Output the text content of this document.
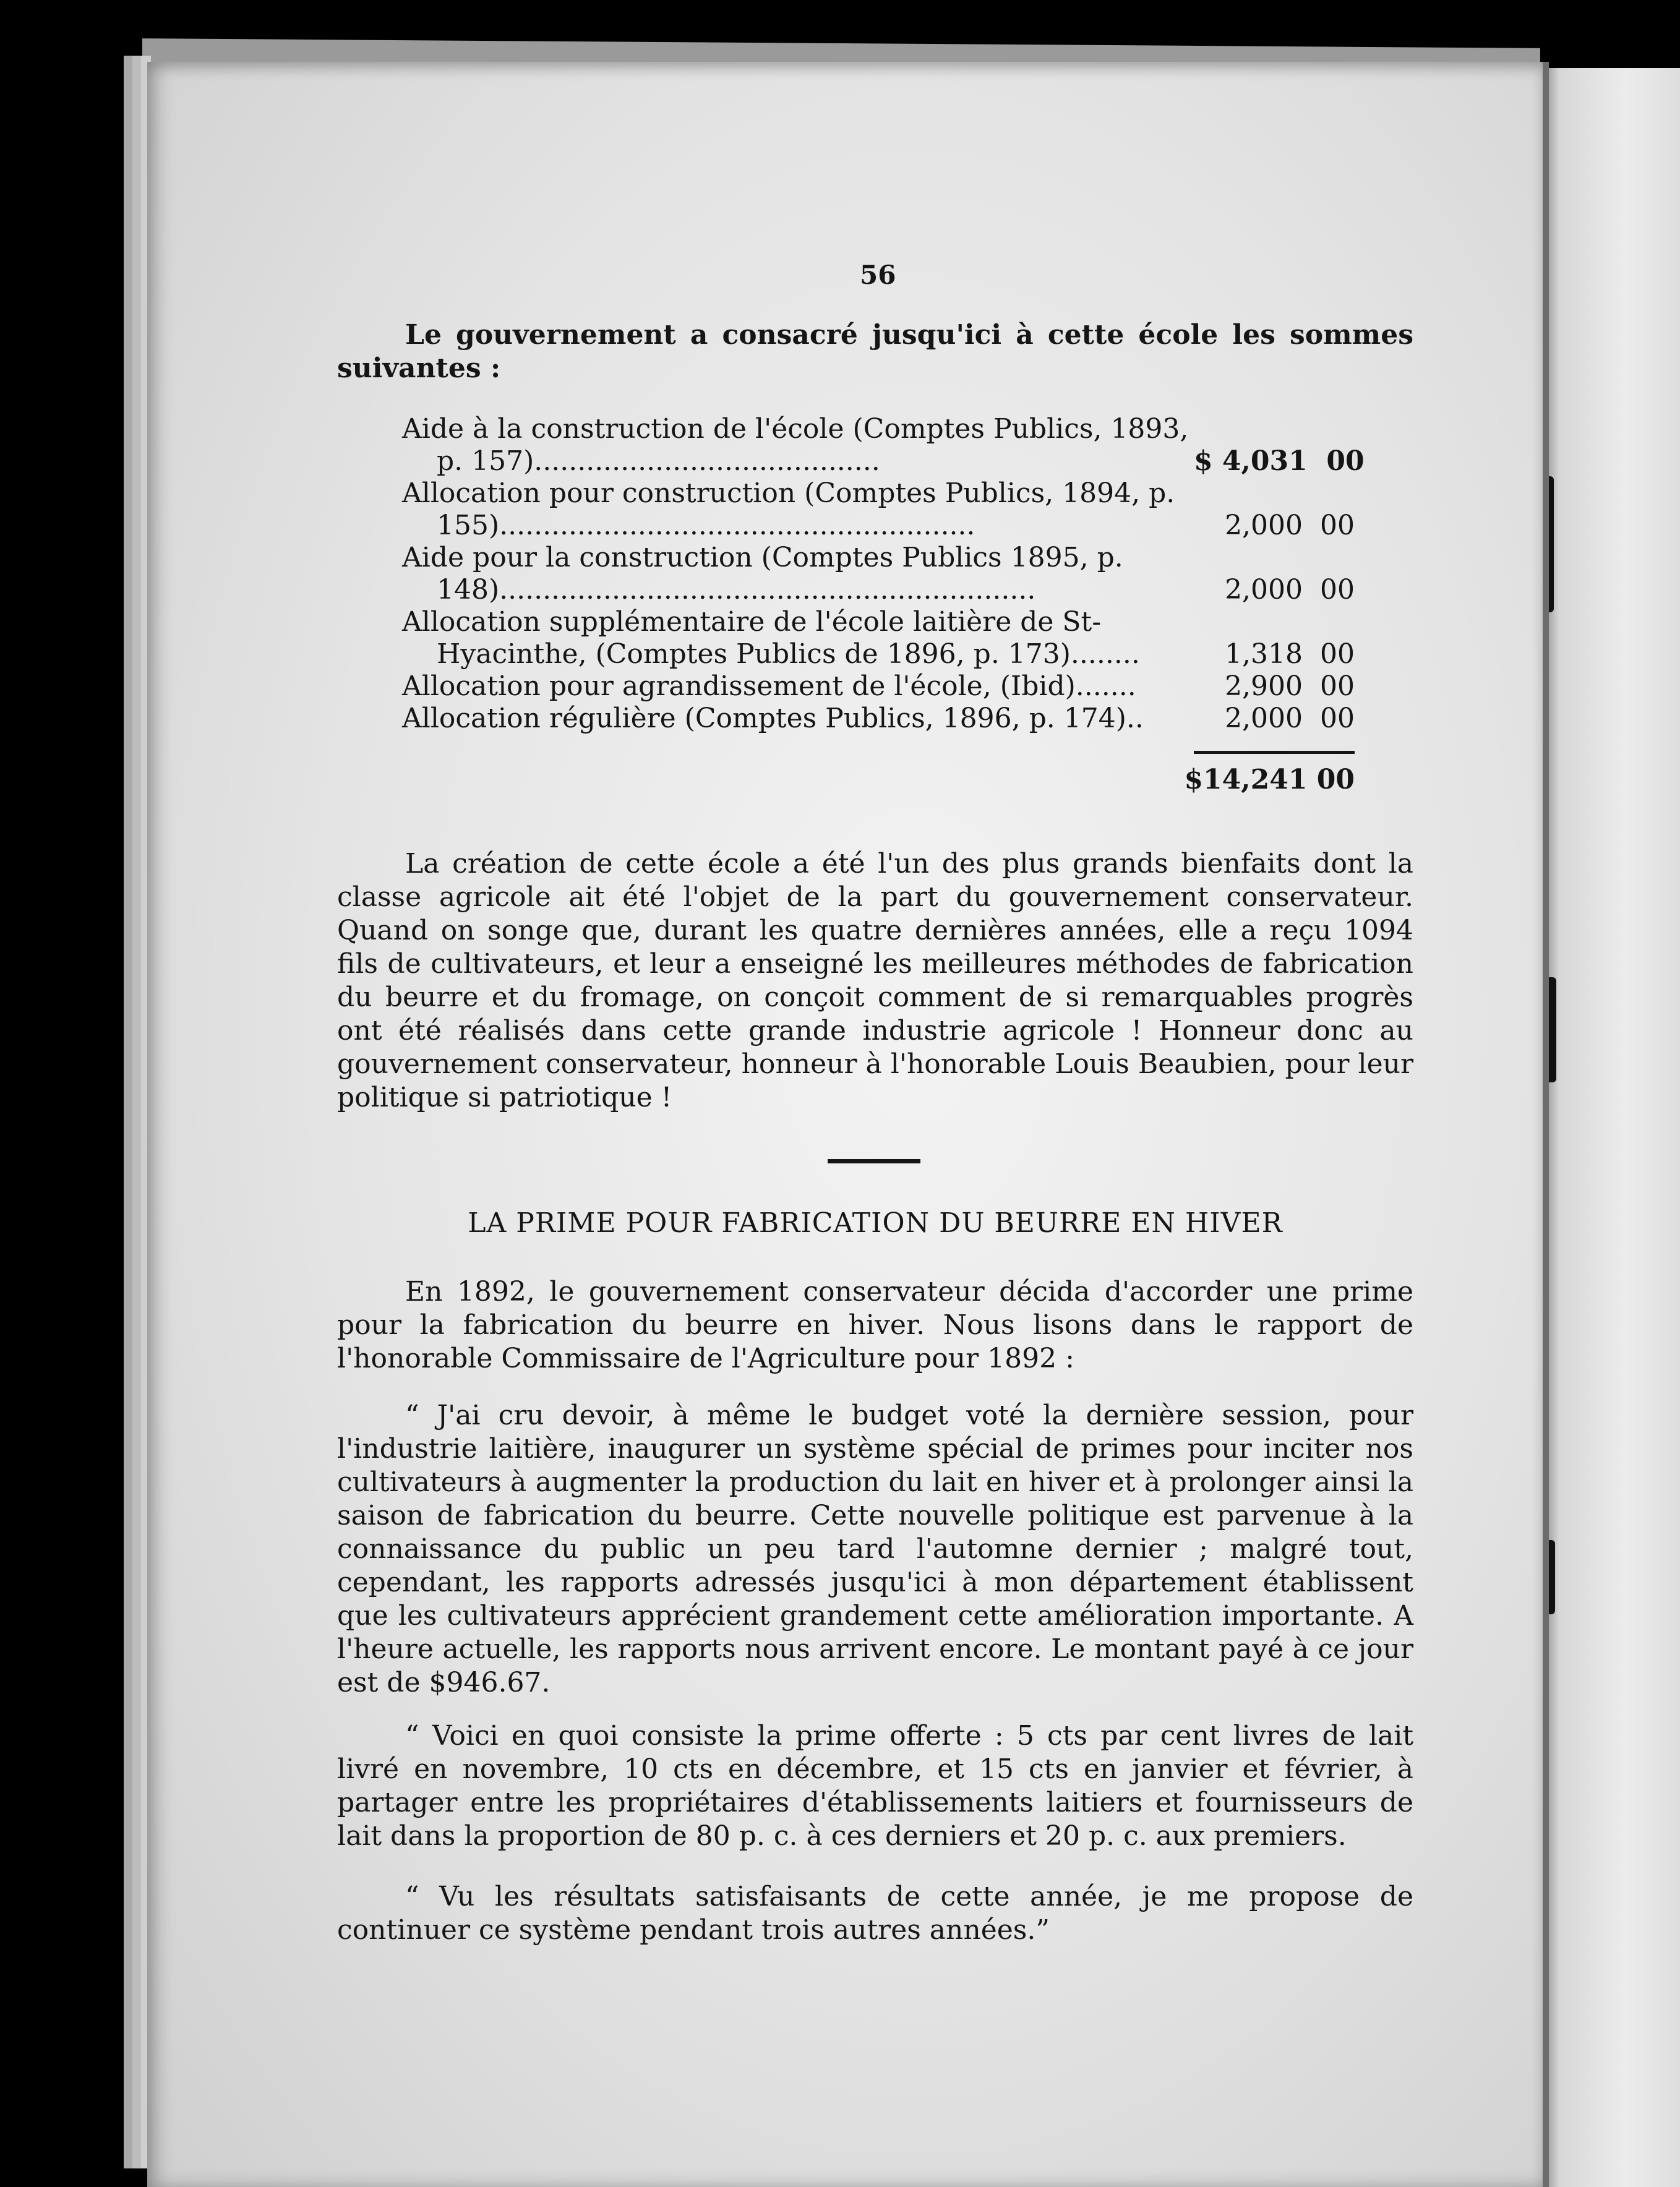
56
Le gouvernement a consacré jusqu'ici à cette école les sommes suivantes :
Aide à la construction de l'école (Comptes Publics, 1893, p. 157)........................................	$ 4,031  00
Allocation pour construction (Comptes Publics, 1894, p. 155).......................................................	2,000  00
Aide pour la construction (Comptes Publics 1895, p. 148)..............................................................	2,000  00
Allocation supplémentaire de l'école laitière de St-Hyacinthe, (Comptes Publics de 1896, p. 173)........	1,318  00
Allocation pour agrandissement de l'école, (Ibid).......	2,900  00
Allocation régulière (Comptes Publics, 1896, p. 174)..	2,000  00
$14,241 00
La création de cette école a été l'un des plus grands bienfaits dont la classe agricole ait été l'objet de la part du gouvernement conservateur. Quand on songe que, durant les quatre dernières années, elle a reçu 1094 fils de cultivateurs, et leur a enseigné les meilleures méthodes de fabrication du beurre et du fromage, on conçoit comment de si remarquables progrès ont été réalisés dans cette grande industrie agricole ! Honneur donc au gouvernement conservateur, honneur à l'honorable Louis Beaubien, pour leur politique si patriotique !
LA PRIME POUR FABRICATION DU BEURRE EN HIVER
En 1892, le gouvernement conservateur décida d'accorder une prime pour la fabrication du beurre en hiver. Nous lisons dans le rapport de l'honorable Commissaire de l'Agriculture pour 1892 :
“ J'ai cru devoir, à même le budget voté la dernière session, pour l'industrie laitière, inaugurer un système spécial de primes pour inciter nos cultivateurs à augmenter la production du lait en hiver et à prolonger ainsi la saison de fabrication du beurre. Cette nouvelle politique est parvenue à la connaissance du public un peu tard l'automne dernier ; malgré tout, cependant, les rapports adressés jusqu'ici à mon département établissent que les cultivateurs apprécient grandement cette amélioration importante. A l'heure actuelle, les rapports nous arrivent encore. Le montant payé à ce jour est de $946.67.
“ Voici en quoi consiste la prime offerte : 5 cts par cent livres de lait livré en novembre, 10 cts en décembre, et 15 cts en janvier et février, à partager entre les propriétaires d'établissements laitiers et fournisseurs de lait dans la proportion de 80 p. c. à ces derniers et 20 p. c. aux premiers.
“ Vu les résultats satisfaisants de cette année, je me propose de continuer ce système pendant trois autres années.”
